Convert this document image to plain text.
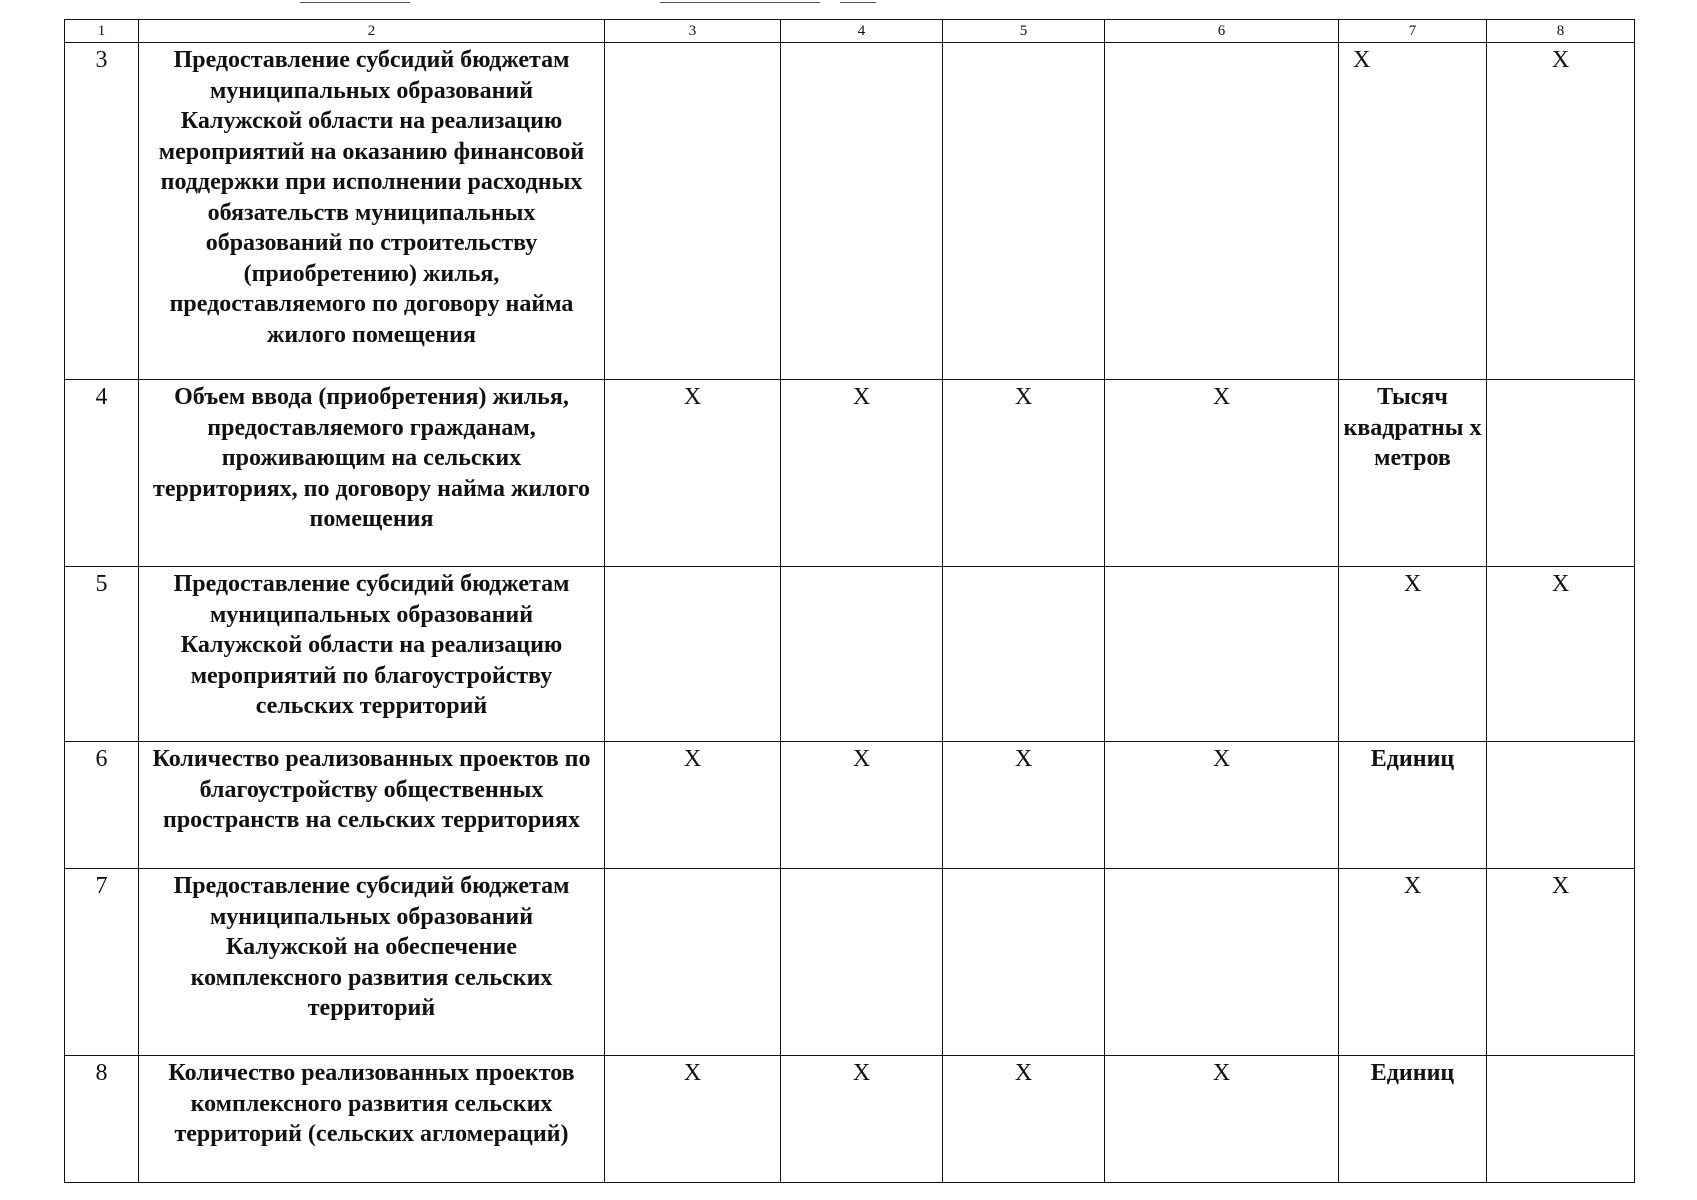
1	2	3	4	5	6	7	8
3	Предоставление субсидий бюджетам муниципальных образований Калужской области на реализацию мероприятий на оказанию финансовой поддержки при исполнении расходных обязательств муниципальных образований по строительству (приобретению) жилья, предоставляемого по договору найма жилого помещения					Х	Х
4	Объем ввода (приобретения) жилья, предоставляемого гражданам, проживающим на сельских территориях, по договору найма жилого помещения	Х	Х	Х	Х	Тысяч квадратны х метров	
5	Предоставление субсидий бюджетам муниципальных образований Калужской области на реализацию мероприятий по благоустройству сельских территорий					Х	Х
6	Количество реализованных проектов по благоустройству общественных пространств на сельских территориях	Х	Х	Х	Х	Единиц	
7	Предоставление субсидий бюджетам муниципальных образований Калужской на обеспечение комплексного развития сельских территорий					Х	Х
8	Количество реализованных проектов комплексного развития сельских территорий (сельских агломераций)	Х	Х	Х	Х	Единиц	
